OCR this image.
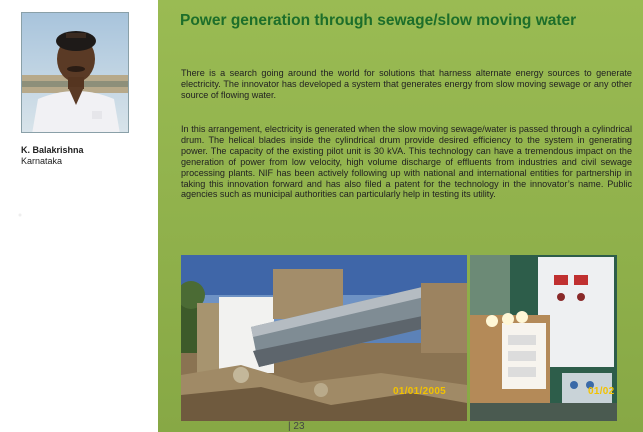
K. Balakrishna
Karnataka
Power generation through sewage/slow moving water

There is a search going around the world for solutions that harness alternate energy sources to generate electricity. The innovator has developed a system that generates energy from slow moving sewage or any other source of flowing water.

In this arrangement, electricity is generated when the slow moving sewage/water is passed through a cylindrical drum. The helical blades inside the cylindrical drum provide desired efficiency to the system in generating power. The capacity of the existing pilot unit is 30 kVA. This technology can have a tremendous impact on the generation of power from low velocity, high volume discharge of effluents from industries and civil sewage processing plants. NIF has been actively following up with national and international entities for partnership in taking this innovation forward and has also filed a patent for the technology in the innovator’s name. Public agencies such as municipal authorities can particularly help in testing its utility.

01/01/2005	01/02
| 23
